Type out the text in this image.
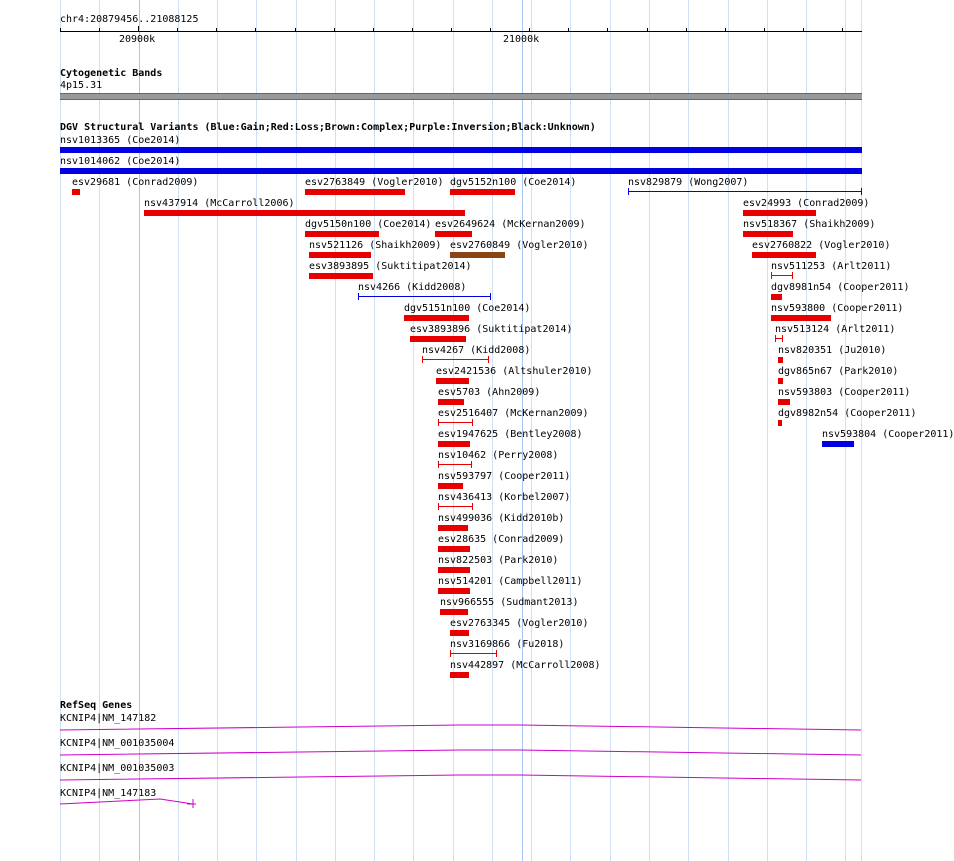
chr4:20879456..21088125
20900k	21000k
Cytogenetic Bands
4p15.31
DGV Structural Variants (Blue:Gain;Red:Loss;Brown:Complex;Purple:Inversion;Black:Unknown)
nsv1013365 (Coe2014)
nsv1014062 (Coe2014)
esv29681 (Conrad2009)	esv2763849 (Vogler2010) dgv5152n100 (Coe2014)	nsv829879 (Wong2007)
nsv437914 (McCarroll2006)	esv24993 (Conrad2009)
dgv5150n100 (Coe2014) esv2649624 (McKernan2009)	nsv518367 (Shaikh2009)
nsv521126 (Shaikh2009) esv2760849 (Vogler2010)	esv2760822 (Vogler2010)
esv3893895 (Suktitipat2014)	nsv511253 (Arlt2011)
nsv4266 (Kidd2008)	dgv8981n54 (Cooper2011)
dgv5151n100 (Coe2014)	nsv593800 (Cooper2011)
esv3893896 (Suktitipat2014)	nsv513124 (Arlt2011)
nsv4267 (Kidd2008)	nsv820351 (Ju2010)
esv2421536 (Altshuler2010)	dgv865n67 (Park2010)
esv5703 (Ahn2009)	nsv593803 (Cooper2011)
esv2516407 (McKernan2009)	dgv8982n54 (Cooper2011)
esv1947625 (Bentley2008)	nsv593804 (Cooper2011)
nsv10462 (Perry2008)
nsv593797 (Cooper2011)
nsv436413 (Korbel2007)
nsv499036 (Kidd2010b)
esv28635 (Conrad2009)
nsv822503 (Park2010)
nsv514201 (Campbell2011)
nsv966555 (Sudmant2013)
esv2763345 (Vogler2010)
nsv3169866 (Fu2018)
nsv442897 (McCarroll2008)
RefSeq Genes
KCNIP4|NM_147182
KCNIP4|NM_001035004
KCNIP4|NM_001035003
KCNIP4|NM_147183
